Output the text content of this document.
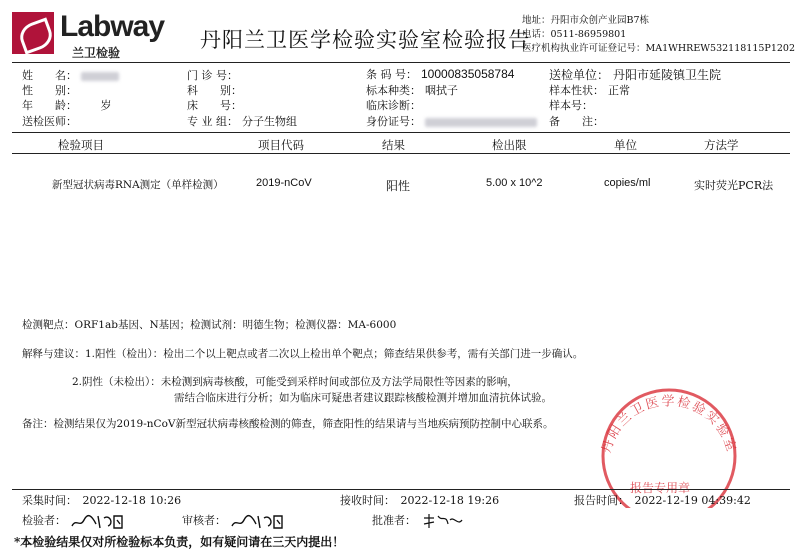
Labway
兰卫检验
丹阳兰卫医学检验实验室检验报告
地址：丹阳市众创产业园B7栋
电话：0511-86959801
医疗机构执业许可证登记号：MA1WHREW532118115P1202
姓　　名：
性　　别：
年　　龄： 岁
送检医师：
门 诊 号：
科　　别：
床　　号：
专 业 组： 分子生物组
条 码 号： 10000835058784
标本种类： 咽拭子
临床诊断：
身份证号：
送检单位： 丹阳市延陵镇卫生院
样本性状： 正常
样本号：
备　　注：
检验项目	项目代码	结果	检出限	单位	方法学
新型冠状病毒RNA测定（单样检测）	2019-nCoV	阳性	5.00 x 10^2	copies/ml	实时荧光PCR法
检测靶点：ORF1ab基因、N基因；检测试剂：明德生物；检测仪器：MA-6000
解释与建议：1.阳性（检出）：检出二个以上靶点或者二次以上检出单个靶点；筛查结果供参考，需有关部门进一步确认。
2.阴性（未检出）：未检测到病毒核酸，可能受到采样时间或部位及方法学局限性等因素的影响，
需结合临床进行分析；如为临床可疑患者建议跟踪核酸检测并增加血清抗体试验。
备注：检测结果仅为2019-nCoV新型冠状病毒核酸检测的筛查，筛查阳性的结果请与当地疾病预防控制中心联系。
丹阳兰卫医学检验实验室
报告专用章
采集时间：　2022-12-18 10:26	接收时间：　2022-12-18 19:26	报告时间：　2022-12-19 04:39:42
检验者：	审核者：	批准者：
*本检验结果仅对所检验标本负责，如有疑问请在三天内提出！
